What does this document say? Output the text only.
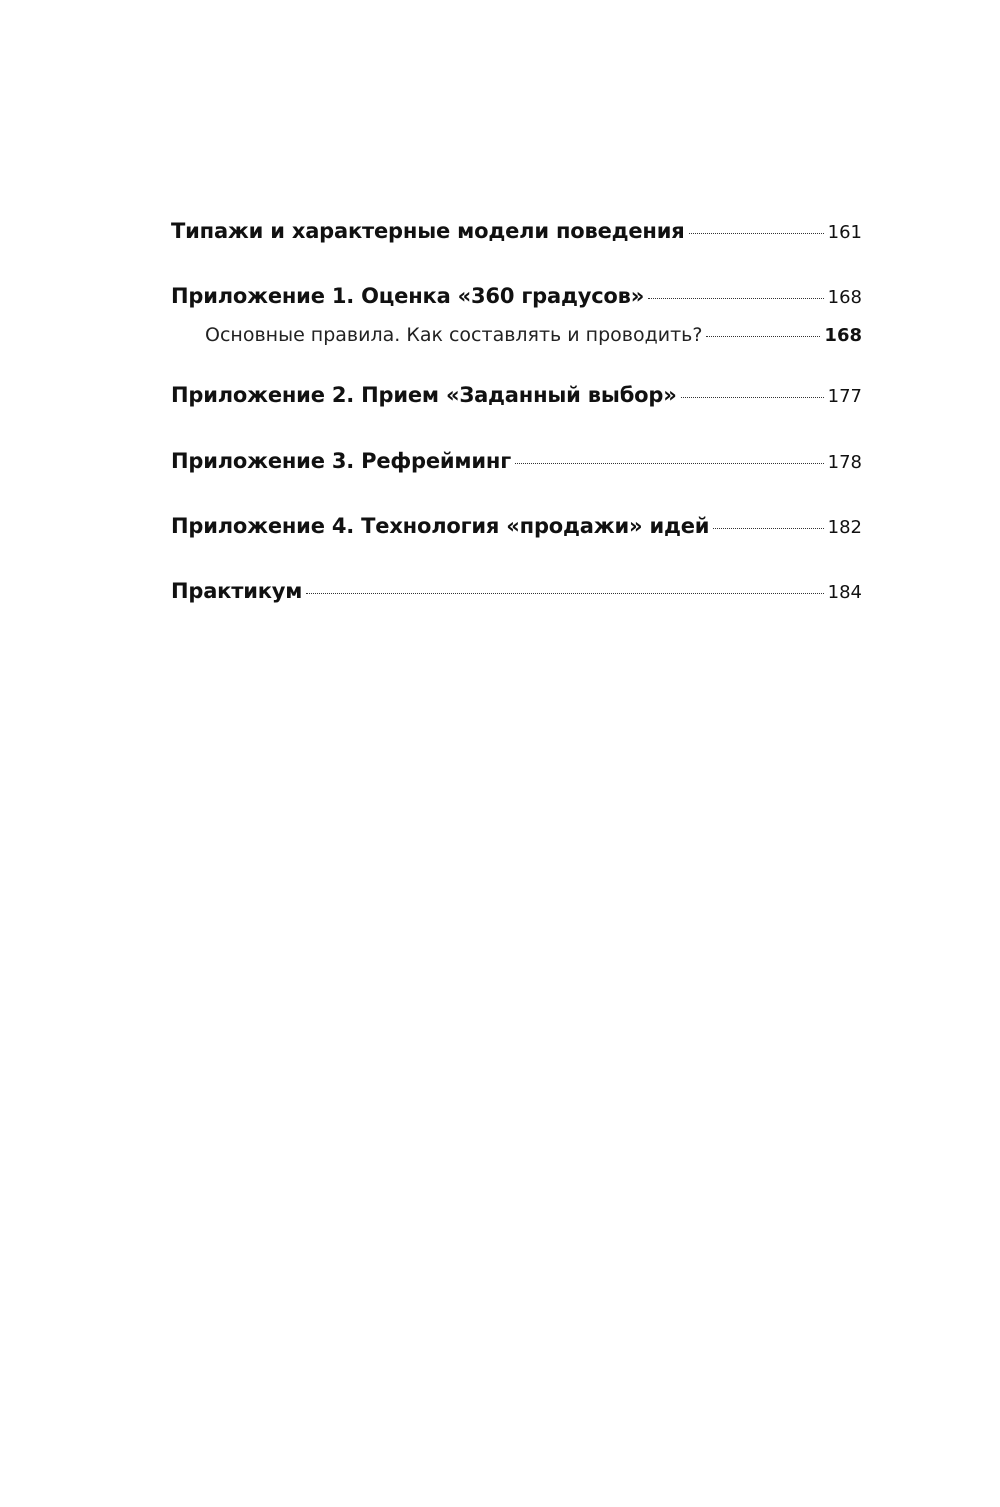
Типажи и характерные модели поведения	161
Приложение 1. Оценка «360 градусов»	168
Основные правила. Как составлять и проводить?	168
Приложение 2. Прием «Заданный выбор»	177
Приложение 3. Рефрейминг	178
Приложение 4. Технология «продажи» идей	182
Практикум	184
